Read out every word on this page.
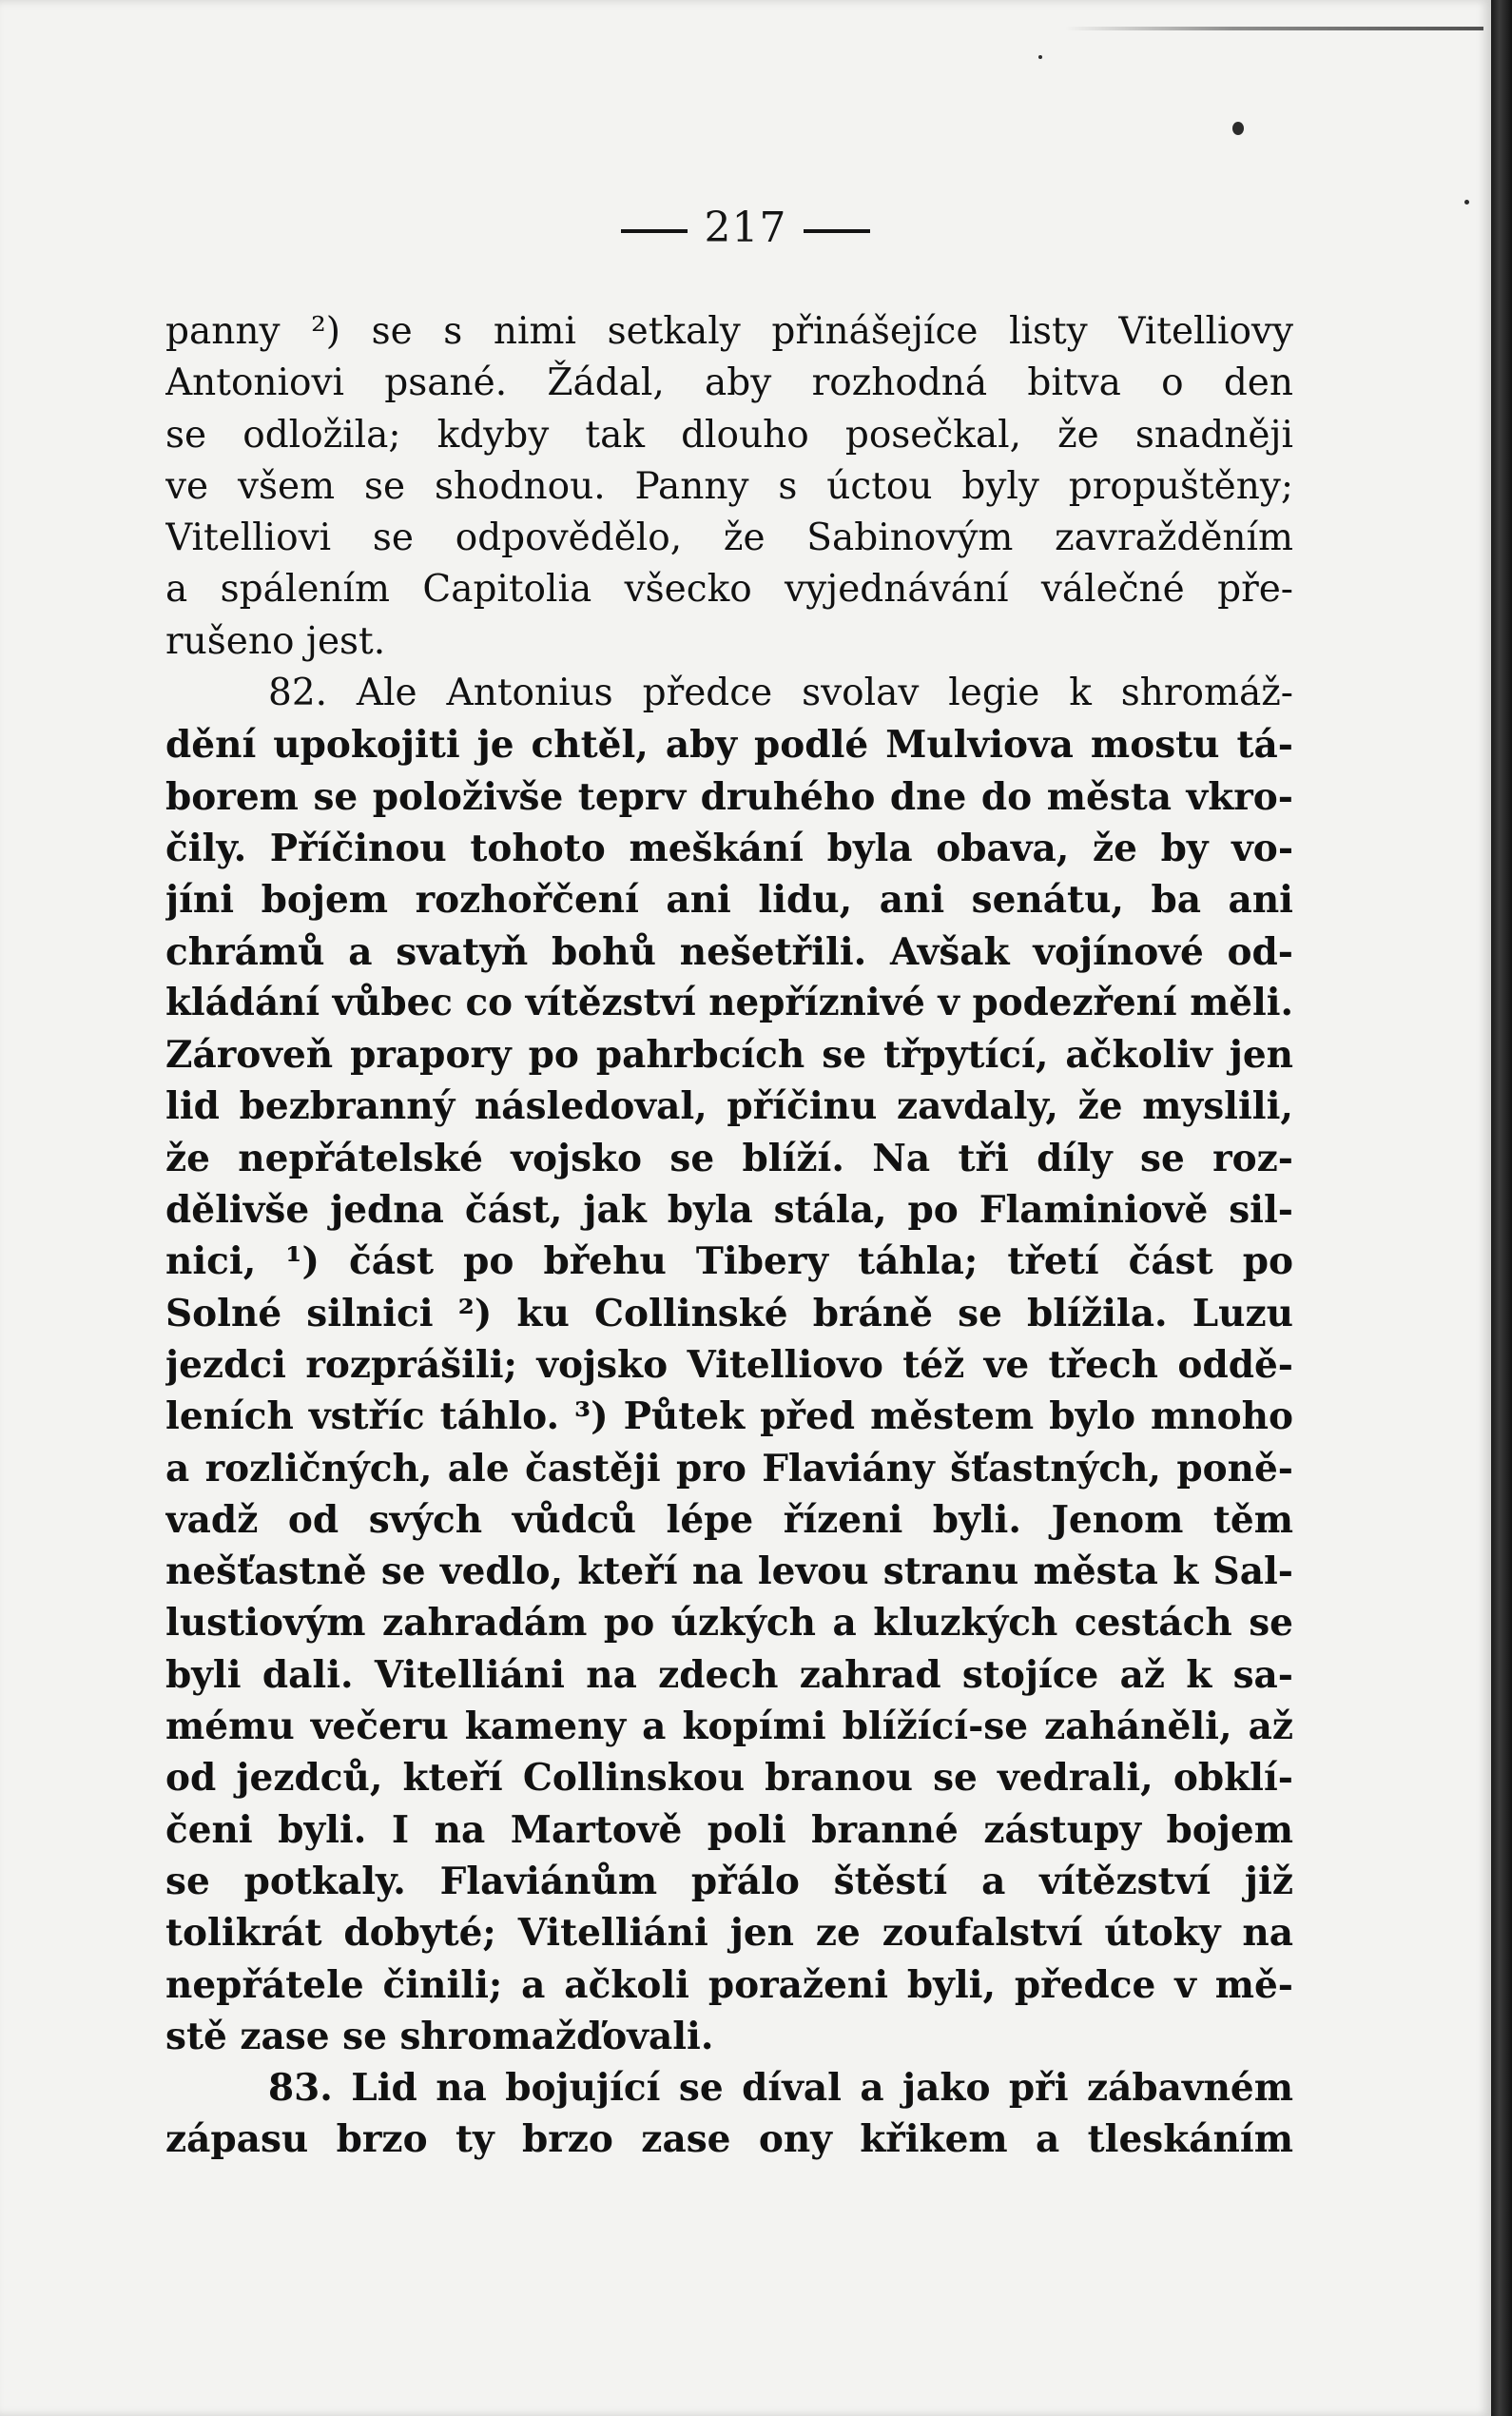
217
panny ²) se s nimi setkaly přinášejíce listy Vitelliovy
Antoniovi psané. Žádal, aby rozhodná bitva o den
se odložila; kdyby tak dlouho posečkal, že snadněji
ve všem se shodnou. Panny s úctou byly propuštěny;
Vitelliovi se odpovědělo, že Sabinovým zavražděním
a spálením Capitolia všecko vyjednávání válečné pře-
rušeno jest.
82. Ale Antonius předce svolav legie k shromáž-
dění upokojiti je chtěl, aby podlé Mulviova mostu tá-
borem se položivše teprv druhého dne do města vkro-
čily. Příčinou tohoto meškání byla obava, že by vo-
jíni bojem rozhořčení ani lidu, ani senátu, ba ani
chrámů a svatyň bohů nešetřili. Avšak vojínové od-
kládání vůbec co vítězství nepříznivé v podezření měli.
Zároveň prapory po pahrbcích se třpytící, ačkoliv jen
lid bezbranný následoval, příčinu zavdaly, že myslili,
že nepřátelské vojsko se blíží. Na tři díly se roz-
dělivše jedna část, jak byla stála, po Flaminiově sil-
nici, ¹) část po břehu Tibery táhla; třetí část po
Solné silnici ²) ku Collinské bráně se blížila. Luzu
jezdci rozprášili; vojsko Vitelliovo též ve třech oddě-
leních vstříc táhlo. ³) Půtek před městem bylo mnoho
a rozličných, ale častěji pro Flaviány šťastných, poně-
vadž od svých vůdců lépe řízeni byli. Jenom těm
nešťastně se vedlo, kteří na levou stranu města k Sal-
lustiovým zahradám po úzkých a kluzkých cestách se
byli dali. Vitelliáni na zdech zahrad stojíce až k sa-
mému večeru kameny a kopími blížící-se zaháněli, až
od jezdců, kteří Collinskou branou se vedrali, obklí-
čeni byli. I na Martově poli branné zástupy bojem
se potkaly. Flaviánům přálo štěstí a vítězství již
tolikrát dobyté; Vitelliáni jen ze zoufalství útoky na
nepřátele činili; a ačkoli poraženi byli, předce v mě-
stě zase se shromažďovali.
83. Lid na bojující se díval a jako při zábavném
zápasu brzo ty brzo zase ony křikem a tleskáním
